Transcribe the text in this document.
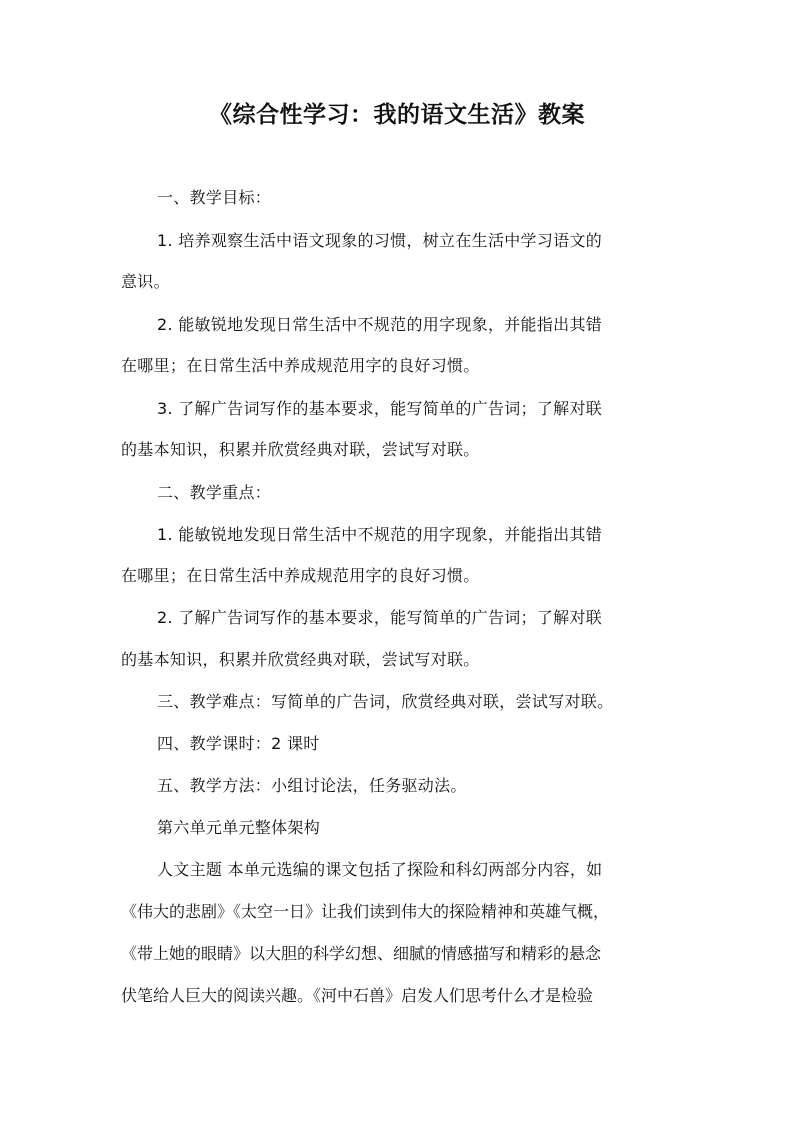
《综合性学习：我的语文生活》教案
一、教学目标：
1. 培养观察生活中语文现象的习惯，树立在生活中学习语文的
意识。
2. 能敏锐地发现日常生活中不规范的用字现象，并能指出其错
在哪里；在日常生活中养成规范用字的良好习惯。
3. 了解广告词写作的基本要求，能写简单的广告词；了解对联
的基本知识，积累并欣赏经典对联，尝试写对联。
二、教学重点：
1. 能敏锐地发现日常生活中不规范的用字现象，并能指出其错
在哪里；在日常生活中养成规范用字的良好习惯。
2. 了解广告词写作的基本要求，能写简单的广告词；了解对联
的基本知识，积累并欣赏经典对联，尝试写对联。
三、教学难点：写简单的广告词，欣赏经典对联，尝试写对联。
四、教学课时：2 课时
五、教学方法：小组讨论法，任务驱动法。
第六单元单元整体架构
人文主题 本单元选编的课文包括了探险和科幻两部分内容，如
《伟大的悲剧》《太空一日》让我们读到伟大的探险精神和英雄气概，
《带上她的眼睛》以大胆的科学幻想、细腻的情感描写和精彩的悬念
伏笔给人巨大的阅读兴趣。《河中石兽》启发人们思考什么才是检验
